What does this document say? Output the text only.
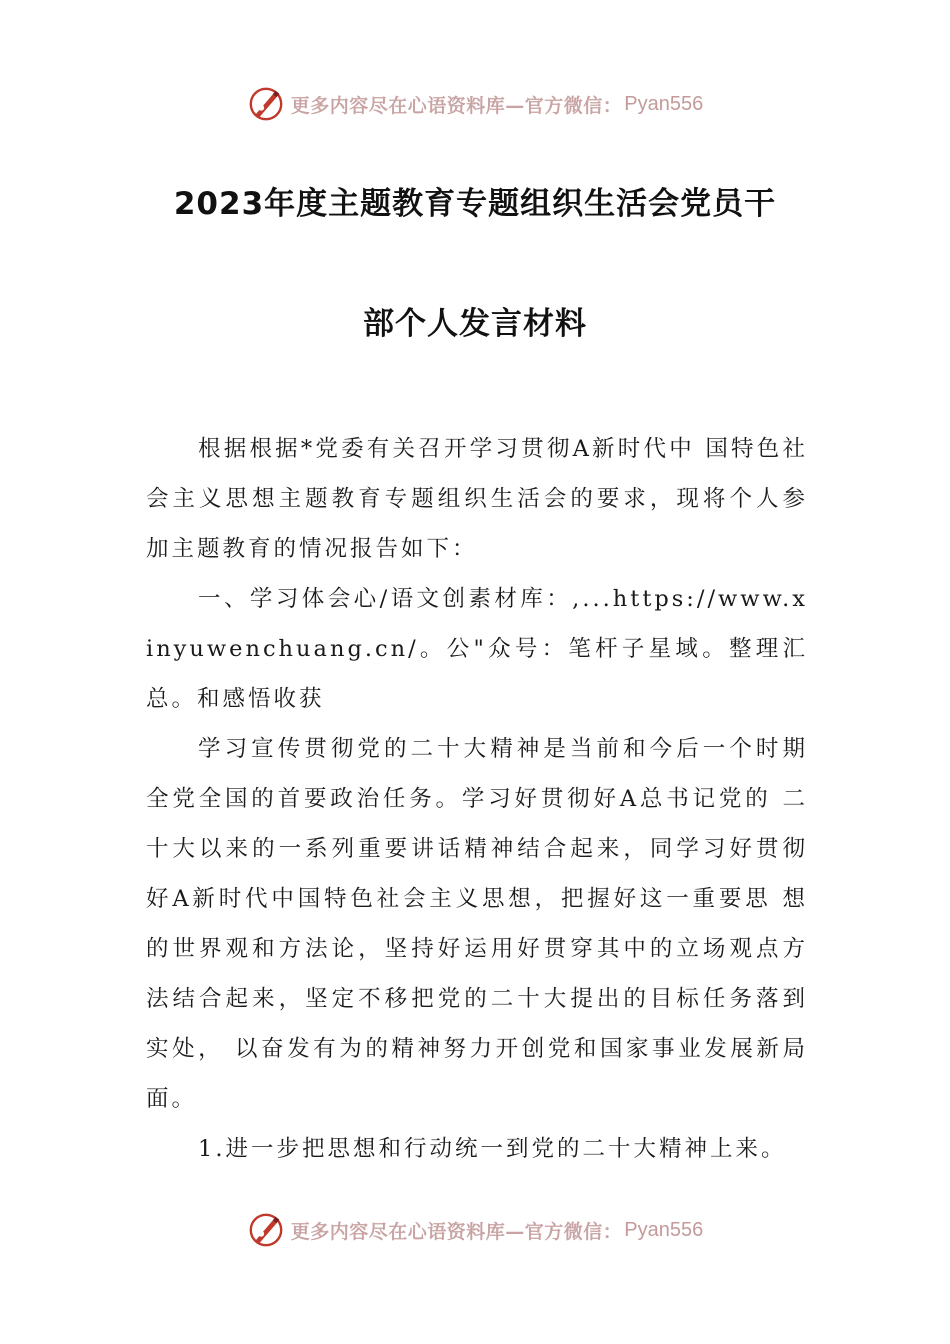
更多内容尽在心语资料库—官方微信： Pyan556
2023年度主题教育专题组织生活会党员干
部个人发言材料

根据根据*党委有关召开学习贯彻A新时代中 国特色社会主义思想主题教育专题组织生活会的要求，现将个人参加主题教育的情况报告如下：

一、学习体会心/语文创素材库：,...https://www.xinyuwenchuang.cn/。公"众号：笔杆子星域。整理汇总。和感悟收获

学习宣传贯彻党的二十大精神是当前和今后一个时期全党全国的首要政治任务。学习好贯彻好A总书记党的 二十大以来的一系列重要讲话精神结合起来，同学习好贯彻好A新时代中国特色社会主义思想，把握好这一重要思 想的世界观和方法论，坚持好运用好贯穿其中的立场观点方法结合起来，坚定不移把党的二十大提出的目标任务落到实处， 以奋发有为的精神努力开创党和国家事业发展新局面。

1.进一步把思想和行动统一到党的二十大精神上来。

更多内容尽在心语资料库—官方微信： Pyan556
